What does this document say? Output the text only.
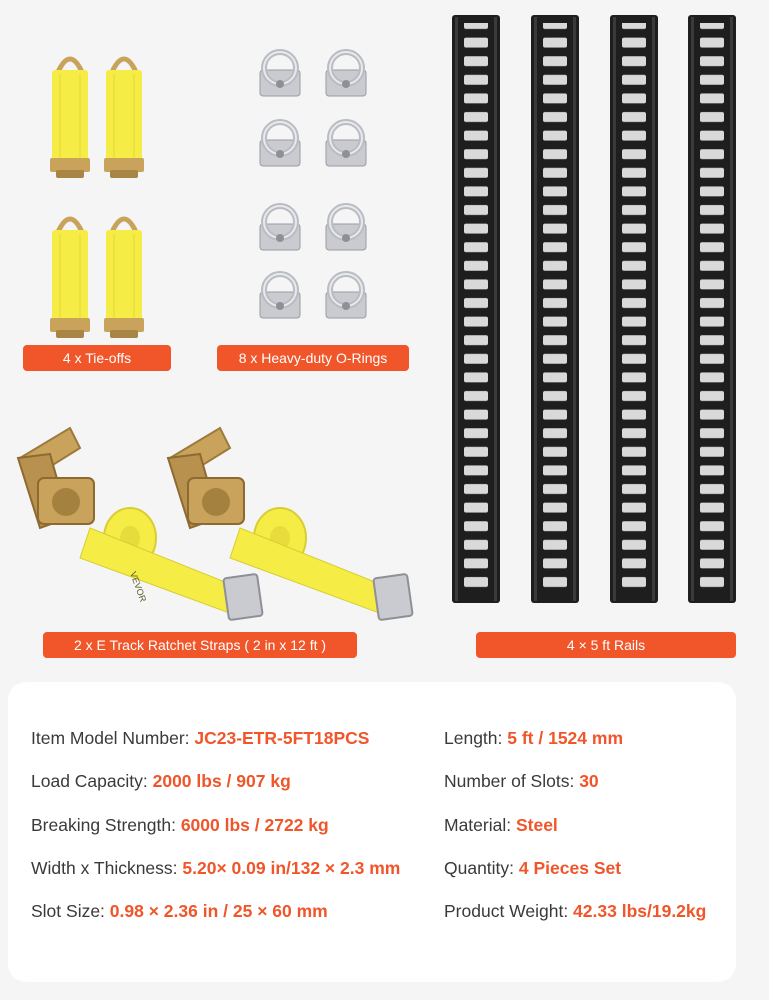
4 x Tie-offs	8 x Heavy-duty O-Rings
VEVOR
2 x E Track Ratchet Straps ( 2 in x 12 ft )	4 × 5 ft Rails
Item Model Number: JC23-ETR-5FT18PCS
Load Capacity: 2000 lbs / 907 kg
Breaking Strength: 6000 lbs / 2722 kg
Width x Thickness: 5.20× 0.09 in/132 × 2.3 mm
Slot Size: 0.98 × 2.36 in / 25 × 60 mm
Length: 5 ft / 1524 mm
Number of Slots: 30
Material: Steel
Quantity: 4 Pieces Set
Product Weight: 42.33 lbs/19.2kg
